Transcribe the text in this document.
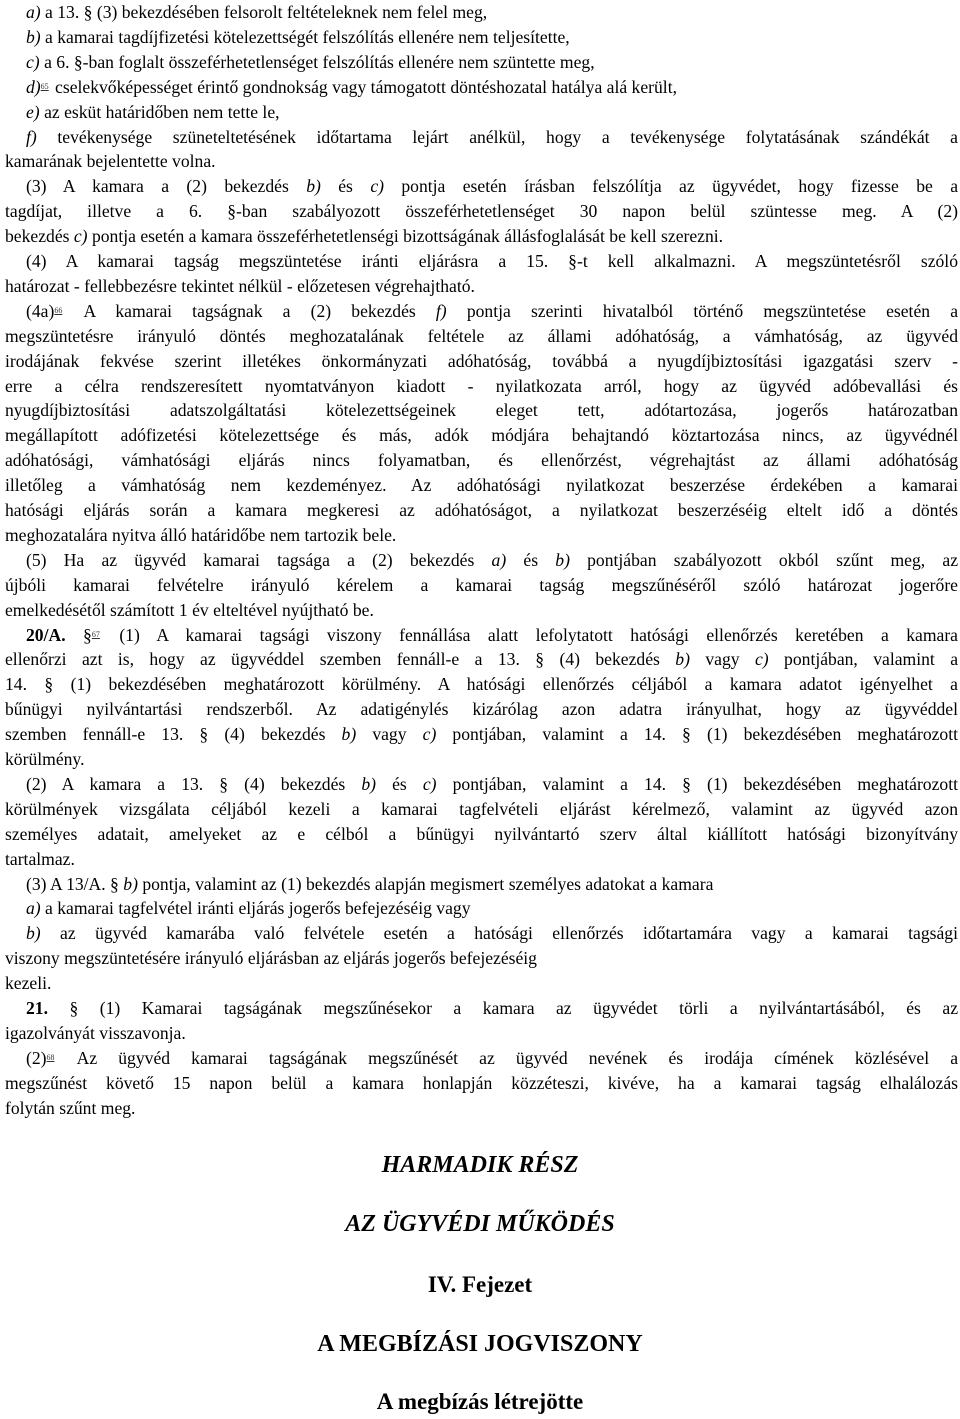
a) a 13. § (3) bekezdésében felsorolt feltételeknek nem felel meg,
b) a kamarai tagdíjfizetési kötelezettségét felszólítás ellenére nem teljesítette,
c) a 6. §-ban foglalt összeférhetetlenséget felszólítás ellenére nem szüntette meg,
d)$^{65}$ cselekvőképességet érintő gondnokság vagy támogatott döntéshozatal hatálya alá került,
e) az esküt határidőben nem tette le,
f) tevékenysége szüneteltetésének időtartama lejárt anélkül, hogy a tevékenysége folytatásának szándékát a
kamarának bejelentette volna.
(3) A kamara a (2) bekezdés b) és c) pontja esetén írásban felszólítja az ügyvédet, hogy fizesse be a
tagdíjat, illetve a 6. §-ban szabályozott összeférhetetlenséget 30 napon belül szüntesse meg. A (2)
bekezdés c) pontja esetén a kamara összeférhetetlenségi bizottságának állásfoglalását be kell szerezni.
(4) A kamarai tagság megszüntetése iránti eljárásra a 15. §-t kell alkalmazni. A megszüntetésről szóló
határozat - fellebbezésre tekintet nélkül - előzetesen végrehajtható.
(4a)$^{66}$ A kamarai tagságnak a (2) bekezdés f) pontja szerinti hivatalból történő megszüntetése esetén a
megszüntetésre irányuló döntés meghozatalának feltétele az állami adóhatóság, a vámhatóság, az ügyvéd
irodájának fekvése szerint illetékes önkormányzati adóhatóság, továbbá a nyugdíjbiztosítási igazgatási szerv -
erre a célra rendszeresített nyomtatványon kiadott - nyilatkozata arról, hogy az ügyvéd adóbevallási és
nyugdíjbiztosítási adatszolgáltatási kötelezettségeinek eleget tett, adótartozása, jogerős határozatban
megállapított adófizetési kötelezettsége és más, adók módjára behajtandó köztartozása nincs, az ügyvédnél
adóhatósági, vámhatósági eljárás nincs folyamatban, és ellenőrzést, végrehajtást az állami adóhatóság
illetőleg a vámhatóság nem kezdeményez. Az adóhatósági nyilatkozat beszerzése érdekében a kamarai
hatósági eljárás során a kamara megkeresi az adóhatóságot, a nyilatkozat beszerzéséig eltelt idő a döntés
meghozatalára nyitva álló határidőbe nem tartozik bele.
(5) Ha az ügyvéd kamarai tagsága a (2) bekezdés a) és b) pontjában szabályozott okból szűnt meg, az
újbóli kamarai felvételre irányuló kérelem a kamarai tagság megszűnéséről szóló határozat jogerőre
emelkedésétől számított 1 év elteltével nyújtható be.
20/A. §$^{67}$ (1) A kamarai tagsági viszony fennállása alatt lefolytatott hatósági ellenőrzés keretében a kamara
ellenőrzi azt is, hogy az ügyvéddel szemben fennáll-e a 13. § (4) bekezdés b) vagy c) pontjában, valamint a
14. § (1) bekezdésében meghatározott körülmény. A hatósági ellenőrzés céljából a kamara adatot igényelhet a
bűnügyi nyilvántartási rendszerből. Az adatigénylés kizárólag azon adatra irányulhat, hogy az ügyvéddel
szemben fennáll-e 13. § (4) bekezdés b) vagy c) pontjában, valamint a 14. § (1) bekezdésében meghatározott
körülmény.
(2) A kamara a 13. § (4) bekezdés b) és c) pontjában, valamint a 14. § (1) bekezdésében meghatározott
körülmények vizsgálata céljából kezeli a kamarai tagfelvételi eljárást kérelmező, valamint az ügyvéd azon
személyes adatait, amelyeket az e célból a bűnügyi nyilvántartó szerv által kiállított hatósági bizonyítvány
tartalmaz.
(3) A 13/A. § b) pontja, valamint az (1) bekezdés alapján megismert személyes adatokat a kamara
a) a kamarai tagfelvétel iránti eljárás jogerős befejezéséig vagy
b) az ügyvéd kamarába való felvétele esetén a hatósági ellenőrzés időtartamára vagy a kamarai tagsági
viszony megszüntetésére irányuló eljárásban az eljárás jogerős befejezéséig
kezeli.
21. § (1) Kamarai tagságának megszűnésekor a kamara az ügyvédet törli a nyilvántartásából, és az
igazolványát visszavonja.
(2)$^{68}$ Az ügyvéd kamarai tagságának megszűnését az ügyvéd nevének és irodája címének közlésével a
megszűnést követő 15 napon belül a kamara honlapján közzéteszi, kivéve, ha a kamarai tagság elhalálozás
folytán szűnt meg.
HARMADIK RÉSZ
AZ ÜGYVÉDI MŰKÖDÉS
IV. Fejezet
A MEGBÍZÁSI JOGVISZONY
A megbízás létrejötte
